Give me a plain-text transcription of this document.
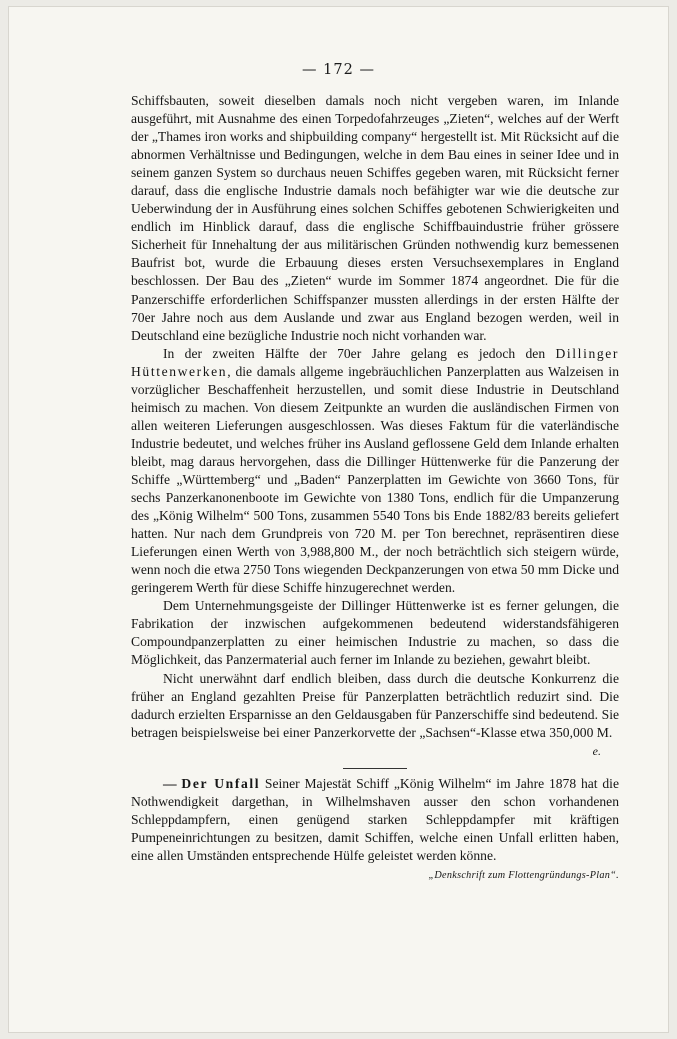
— 172 —

Schiffsbauten, soweit dieselben damals noch nicht vergeben waren, im Inlande ausgeführt, mit Ausnahme des einen Torpedofahrzeuges „Zieten“, welches auf der Werft der „Thames iron works and shipbuilding company“ hergestellt ist. Mit Rücksicht auf die abnormen Verhältnisse und Bedingungen, welche in dem Bau eines in seiner Idee und in seinem ganzen System so durchaus neuen Schiffes gegeben waren, mit Rücksicht ferner darauf, dass die englische Industrie damals noch befähigter war wie die deutsche zur Ueberwindung der in Ausführung eines solchen Schiffes gebotenen Schwierigkeiten und endlich im Hinblick darauf, dass die englische Schiffbauindustrie früher grössere Sicherheit für Innehaltung der aus militärischen Gründen nothwendig kurz bemessenen Baufrist bot, wurde die Erbauung dieses ersten Versuchsexemplares in England beschlossen. Der Bau des „Zieten“ wurde im Sommer 1874 angeordnet. Die für die Panzerschiffe erforderlichen Schiffspanzer mussten allerdings in der ersten Hälfte der 70er Jahre noch aus dem Auslande und zwar aus England bezogen werden, weil in Deutschland eine bezügliche Industrie noch nicht vorhanden war.

In der zweiten Hälfte der 70er Jahre gelang es jedoch den Dillinger Hüttenwerken, die damals allgeme ingebräuchlichen Panzerplatten aus Walzeisen in vorzüglicher Beschaffenheit herzustellen, und somit diese Industrie in Deutschland heimisch zu machen. Von diesem Zeitpunkte an wurden die ausländischen Firmen von allen weiteren Lieferungen ausgeschlossen. Was dieses Faktum für die vaterländische Industrie bedeutet, und welches früher ins Ausland geflossene Geld dem Inlande erhalten bleibt, mag daraus hervorgehen, dass die Dillinger Hüttenwerke für die Panzerung der Schiffe „Württemberg“ und „Baden“ Panzerplatten im Gewichte von 3660 Tons, für sechs Panzerkanonenboote im Gewichte von 1380 Tons, endlich für die Umpanzerung des „König Wilhelm“ 500 Tons, zusammen 5540 Tons bis Ende 1882/83 bereits geliefert hatten. Nur nach dem Grundpreis von 720 M. per Ton berechnet, repräsentiren diese Lieferungen einen Werth von 3,988,800 M., der noch beträchtlich sich steigern würde, wenn noch die etwa 2750 Tons wiegenden Deckpanzerungen von etwa 50 mm Dicke und geringerem Werth für diese Schiffe hinzugerechnet werden.

Dem Unternehmungsgeiste der Dillinger Hüttenwerke ist es ferner gelungen, die Fabrikation der inzwischen aufgekommenen bedeutend widerstandsfähigeren Compoundpanzerplatten zu einer heimischen Industrie zu machen, so dass die Möglichkeit, das Panzermaterial auch ferner im Inlande zu beziehen, gewahrt bleibt.

Nicht unerwähnt darf endlich bleiben, dass durch die deutsche Konkurrenz die früher an England gezahlten Preise für Panzerplatten beträchtlich reduzirt sind. Die dadurch erzielten Ersparnisse an den Geldausgaben für Panzerschiffe sind bedeutend. Sie betragen beispielsweise bei einer Panzerkorvette der „Sachsen“-Klasse etwa 350,000 M.

e.

— Der Unfall Seiner Majestät Schiff „König Wilhelm“ im Jahre 1878 hat die Nothwendigkeit dargethan, in Wilhelmshaven ausser den schon vorhandenen Schleppdampfern, einen genügend starken Schleppdampfer mit kräftigen Pumpeneinrichtungen zu besitzen, damit Schiffen, welche einen Unfall erlitten haben, eine allen Umständen entsprechende Hülfe geleistet werden könne.
„Denkschrift zum Flottengründungs-Plan“.
